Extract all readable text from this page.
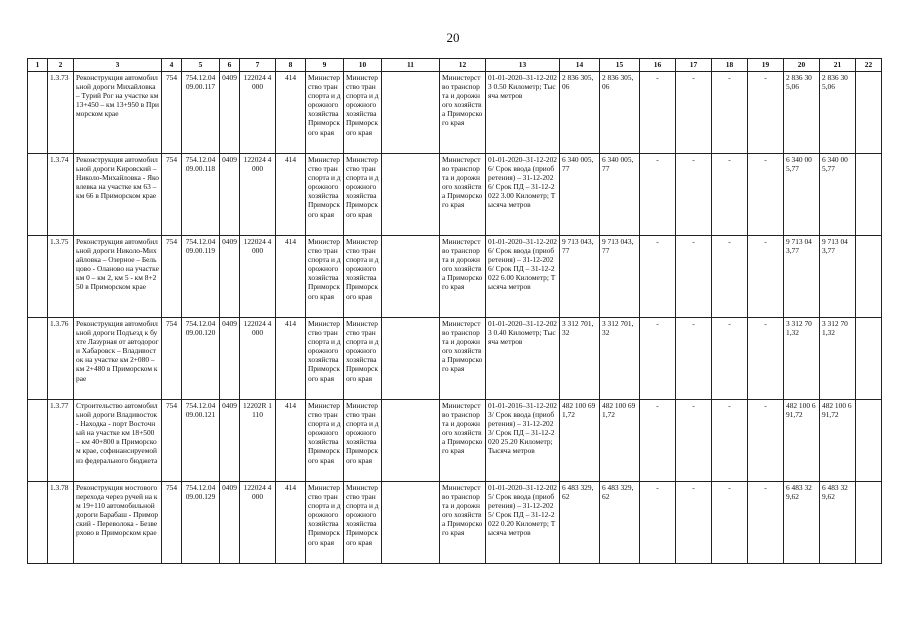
20
1	2	3	4	5	6	7	8	9	10	11	12	13	14	15	16	17	18	19	20	21	22
	1.3.73	Реконструкция автомобильной дороги Михайловка – Турий Рог на участке км 13+450 – км 13+950 в Приморском крае	754	754.12.04 09.00.117	0409	122024 4000	414	Министерство транспорта и дорожного хозяйства Приморского края	Министерство транспорта и дорожного хозяйства Приморского края		Министерство транспорта и дорожного хозяйства Приморского края	01-01-2020–31-12-2023 0.50 Километр; Тысяча метров	2 836 305,06	2 836 305,06	-	-	-	-	2 836 305,06	2 836 305,06	
	1.3.74	Реконструкция автомобильной дороги Кировский – Николо-Михайловка - Яковлевка на участке км 63 – км 66 в Приморском крае	754	754.12.04 09.00.118	0409	122024 4000	414	Министерство транспорта и дорожного хозяйства Приморского края	Министерство транспорта и дорожного хозяйства Приморского края		Министерство транспорта и дорожного хозяйства Приморского края	01-01-2020–31-12-2026/ Срок ввода (приобретения) – 31-12-2026/ Срок ПД – 31-12-2022 3.00 Километр; Тысяча метров	6 340 005,77	6 340 005,77	-	-	-	-	6 340 005,77	6 340 005,77	
	1.3.75	Реконструкция автомобильной дороги Николо-Михайловка – Озерное – Бельцово - Оланово на участке км 0 – км 2, км 5 - км 8+250 в Приморском крае	754	754.12.04 09.00.119	0409	122024 4000	414	Министерство транспорта и дорожного хозяйства Приморского края	Министерство транспорта и дорожного хозяйства Приморского края		Министерство транспорта и дорожного хозяйства Приморского края	01-01-2020–31-12-2026/ Срок ввода (приобретения) – 31-12-2026/ Срок ПД – 31-12-2022 6.00 Километр; Тысяча метров	9 713 043,77	9 713 043,77	-	-	-	-	9 713 043,77	9 713 043,77	
	1.3.76	Реконструкция автомобильной дороги Подъезд к бухте Лазурная от автодороги Хабаровск – Владивосток на участке км 2+080 – км 2+480 в Приморском крае	754	754.12.04 09.00.120	0409	122024 4000	414	Министерство транспорта и дорожного хозяйства Приморского края	Министерство транспорта и дорожного хозяйства Приморского края		Министерство транспорта и дорожного хозяйства Приморского края	01-01-2020–31-12-2023 0.40 Километр; Тысяча метров	3 312 701,32	3 312 701,32	-	-	-	-	3 312 701,32	3 312 701,32	
	1.3.77	Строительство автомобильной дороги Владивосток - Находка - порт Восточный на участке км 18+500 – км 40+800 в Приморском крае, софинансируемой из федерального бюджета	754	754.12.04 09.00.121	0409	12202R 1110	414	Министерство транспорта и дорожного хозяйства Приморского края	Министерство транспорта и дорожного хозяйства Приморского края		Министерство транспорта и дорожного хозяйства Приморского края	01-01-2016–31-12-2023/ Срок ввода (приобретения) – 31-12-2023/ Срок ПД – 31-12-2020 25.20 Километр; Тысяча метров	482 100 691,72	482 100 691,72	-	-	-	-	482 100 691,72	482 100 691,72	
	1.3.78	Реконструкция мостового перехода через ручей на км 19+110 автомобильной дороги Барабаш - Приморский - Переволока - Безверхово в Приморском крае	754	754.12.04 09.00.129	0409	122024 4000	414	Министерство транспорта и дорожного хозяйства Приморского края	Министерство транспорта и дорожного хозяйства Приморского края		Министерство транспорта и дорожного хозяйства Приморского края	01-01-2020–31-12-2025/ Срок ввода (приобретения) – 31-12-2025/ Срок ПД – 31-12-2022 0.20 Километр; Тысяча метров	6 483 329,62	6 483 329,62	-	-	-	-	6 483 329,62	6 483 329,62	
